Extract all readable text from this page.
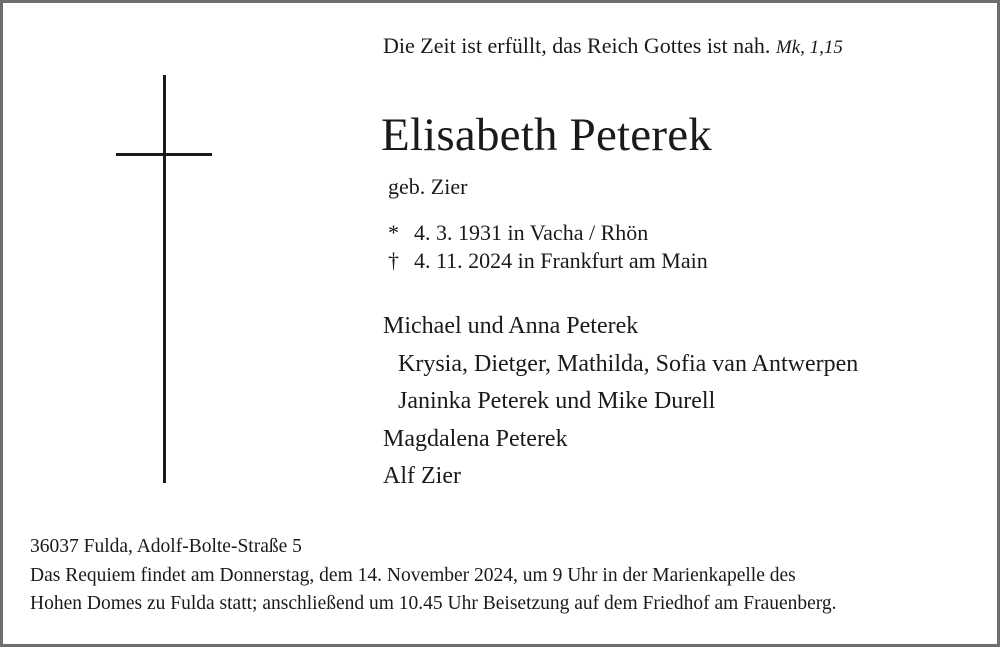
Die Zeit ist erfüllt, das Reich Gottes ist nah. Mk, 1,15
Elisabeth Peterek
geb. Zier
* 4. 3. 1931 in Vacha / Rhön
† 4. 11. 2024 in Frankfurt am Main
Michael und Anna Peterek
Krysia, Dietger, Mathilda, Sofia van Antwerpen
Janinka Peterek und Mike Durell
Magdalena Peterek
Alf Zier
36037 Fulda, Adolf-Bolte-Straße 5
Das Requiem findet am Donnerstag, dem 14. November 2024, um 9 Uhr in der Marienkapelle des
Hohen Domes zu Fulda statt; anschließend um 10.45 Uhr Beisetzung auf dem Friedhof am Frauenberg.
